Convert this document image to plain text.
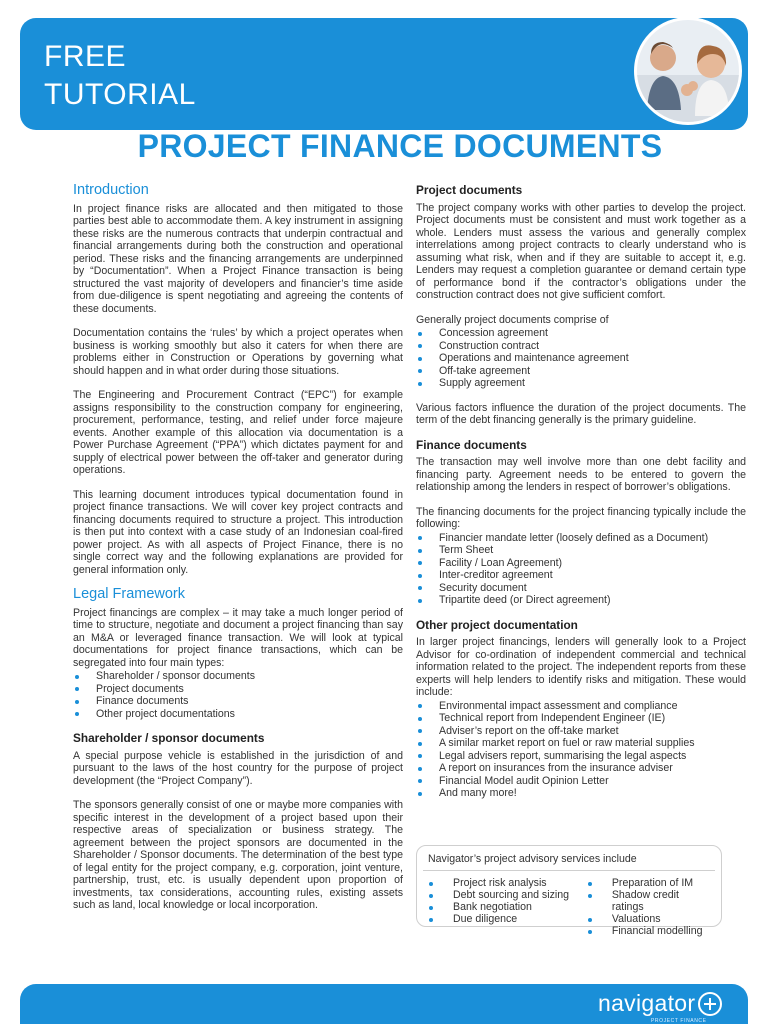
FREE
TUTORIAL
PROJECT FINANCE DOCUMENTS
Introduction

In project finance risks are allocated and then mitigated to those parties best able to accommodate them. A key instrument in assigning these risks are the numerous contracts that underpin contractual and financial arrangements during both the construction and operational period. These risks and the financing arrangements are underpinned by “Documentation”. When a Project Finance transaction is being structured the vast majority of developers and financier’s time aside from due-diligence is spent negotiating and agreeing the contents of these documents.

Documentation contains the ‘rules’ by which a project operates when business is working smoothly but also it caters for when there are problems either in Construction or Operations by governing what should happen and in what order during those situations.

The Engineering and Procurement Contract (“EPC”) for example assigns responsibility to the construction company for engineering, procurement, performance, testing, and relief under force majeure events. Another example of this allocation via documentation is a Power Purchase Agreement (“PPA”) which dictates payment for and supply of electrical power between the off-taker and generator during operations.

This learning document introduces typical documentation found in project finance transactions. We will cover key project contracts and financing documents required to structure a project. This introduction is then put into context with a case study of an Indonesian coal-fired power project. As with all aspects of Project Finance, there is no single correct way and the following explanations are provided for general information only.

Legal Framework

Project financings are complex – it may take a much longer period of time to structure, negotiate and document a project financing than say an M&A or leveraged finance transaction. We will look at typical documentations for project finance transactions, which can be segregated into four main types:

Shareholder / sponsor documents
Project documents
Finance documents
Other project documentations
Shareholder / sponsor documents

A special purpose vehicle is established in the jurisdiction of and pursuant to the laws of the host country for the purpose of project development (the “Project Company”).

The sponsors generally consist of one or maybe more companies with specific interest in the development of a project based upon their respective areas of specialization or business strategy. The agreement between the project sponsors are documented in the Shareholder / Sponsor documents. The determination of the best type of legal entity for the project company, e.g. corporation, joint venture, partnership, trust, etc. is usually dependent upon proportion of investments, tax considerations, accounting rules, existing assets such as land, local knowledge or local incorporation.

Project documents

The project company works with other parties to develop the project. Project documents must be consistent and must work together as a whole. Lenders must assess the various and generally complex interrelations among project contracts to clearly understand who is assuming what risk, when and if they are suitable to accept it, e.g. Lenders may request a completion guarantee or demand certain type of performance bond if the contractor’s obligations under the construction contract does not give sufficient comfort.

Generally project documents comprise of

Concession agreement
Construction contract
Operations and maintenance agreement
Off-take agreement
Supply agreement

Various factors influence the duration of the project documents. The term of the debt financing generally is the primary guideline.

Finance documents

The transaction may well involve more than one debt facility and financing party. Agreement needs to be entered to govern the relationship among the lenders in respect of borrower’s obligations.

The financing documents for the project financing typically include the following:

Financier mandate letter (loosely defined as a Document)
Term Sheet
Facility / Loan Agreement)
Inter-creditor agreement
Security document
Tripartite deed (or Direct agreement)
Other project documentation

In larger project financings, lenders will generally look to a Project Advisor for co-ordination of independent commercial and technical information related to the project. The independent reports from these experts will help lenders to identify risks and mitigation. These would include:

Environmental impact assessment and compliance
Technical report from Independent Engineer (IE)
Adviser’s report on the off-take market
A similar market report on fuel or raw material supplies
Legal advisers report, summarising the legal aspects
A report on insurances from the insurance adviser
Financial Model audit Opinion Letter
And many more!
Navigator’s project advisory services include
Project risk analysis
Debt sourcing and sizing
Bank negotiation
Due diligence
Preparation of IM
Shadow credit ratings
Valuations
Financial modelling
navigator
PROJECT FINANCE
